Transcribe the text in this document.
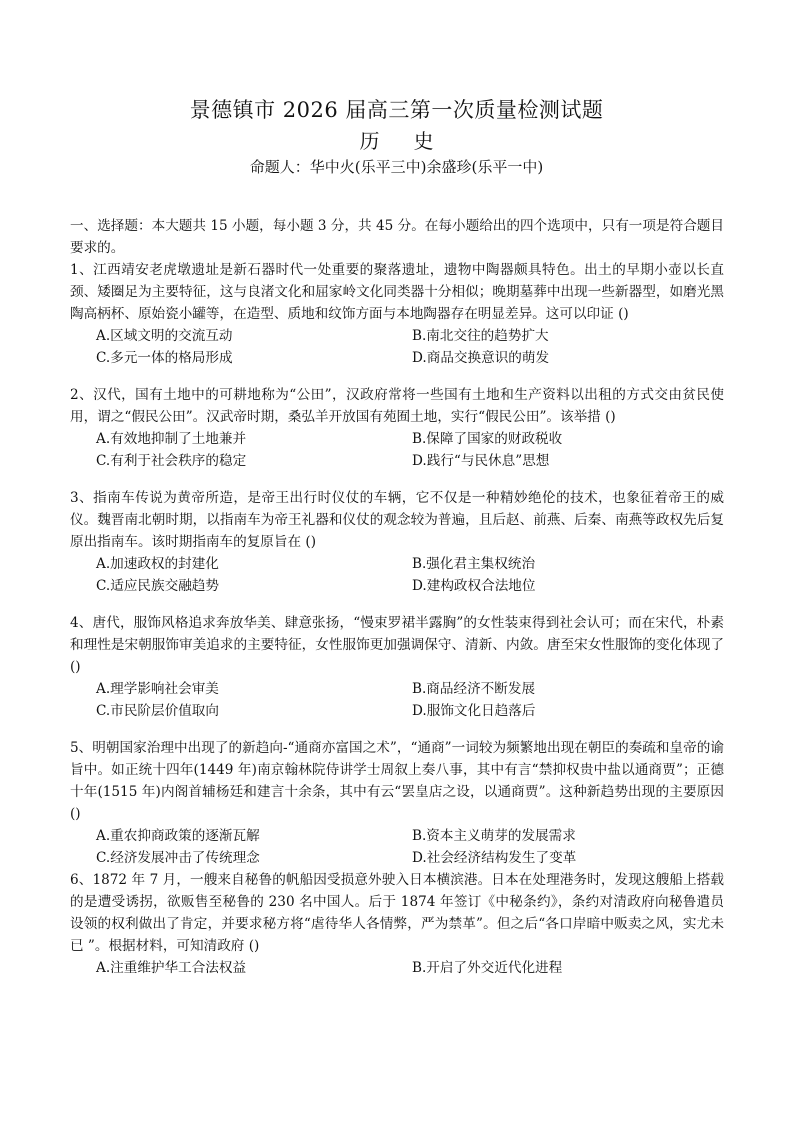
景德镇市 2026 届高三第一次质量检测试题
历史
命题人：华中火(乐平三中)余盛珍(乐平一中)

一、选择题：本大题共 15 小题，每小题 3 分，共 45 分。在每小题给出的四个选项中，只有一项是符合题目要求的。

1、江西靖安老虎墩遗址是新石器时代一处重要的聚落遗址，遗物中陶器颇具特色。出土的早期小壶以长直颈、矮圈足为主要特征，这与良渚文化和屈家岭文化同类器十分相似；晚期墓葬中出现一些新器型，如磨光黑陶高柄杯、原始瓷小罐等，在造型、质地和纹饰方面与本地陶器存在明显差异。这可以印证 ()

A.区域文明的交流互动	B.南北交往的趋势扩大
C.多元一体的格局形成	D.商品交换意识的萌发

2、汉代，国有土地中的可耕地称为“公田”，汉政府常将一些国有土地和生产资料以出租的方式交由贫民使用，谓之“假民公田”。汉武帝时期，桑弘羊开放国有苑囿土地，实行“假民公田”。该举措 ()

A.有效地抑制了土地兼并	B.保障了国家的财政税收
C.有利于社会秩序的稳定	D.践行“与民休息”思想

3、指南车传说为黄帝所造，是帝王出行时仪仗的车辆，它不仅是一种精妙绝伦的技术，也象征着帝王的威仪。魏晋南北朝时期，以指南车为帝王礼器和仪仗的观念较为普遍，且后赵、前燕、后秦、南燕等政权先后复原出指南车。该时期指南车的复原旨在 ()

A.加速政权的封建化	B.强化君主集权统治
C.适应民族交融趋势	D.建构政权合法地位

4、唐代，服饰风格追求奔放华美、肆意张扬，“慢束罗裙半露胸”的女性装束得到社会认可；而在宋代，朴素和理性是宋朝服饰审美追求的主要特征，女性服饰更加强调保守、清新、内敛。唐至宋女性服饰的变化体现了 ()

A.理学影响社会审美	B.商品经济不断发展
C.市民阶层价值取向	D.服饰文化日趋落后

5、明朝国家治理中出现了的新趋向-“通商亦富国之术”，“通商”一词较为频繁地出现在朝臣的奏疏和皇帝的谕旨中。如正统十四年(1449 年)南京翰林院侍讲学士周叙上奏八事，其中有言“禁抑权贵中盐以通商贾”；正德十年(1515 年)内阁首辅杨廷和建言十余条，其中有云“罢皇店之设，以通商贾”。这种新趋势出现的主要原因 ()

A.重农抑商政策的逐渐瓦解	B.资本主义萌芽的发展需求
C.经济发展冲击了传统理念	D.社会经济结构发生了变革

6、1872 年 7 月，一艘来自秘鲁的帆船因受损意外驶入日本横滨港。日本在处理港务时，发现这艘船上搭载的是遭受诱拐，欲贩售至秘鲁的 230 名中国人。后于 1874 年签订《中秘条约》，条约对清政府向秘鲁遣员设领的权利做出了肯定，并要求秘方将“虐待华人各情弊，严为禁革”。但之后“各口岸暗中贩卖之风，实尤未已 ”。根据材料，可知清政府 ()

A.注重维护华工合法权益	B.开启了外交近代化进程
